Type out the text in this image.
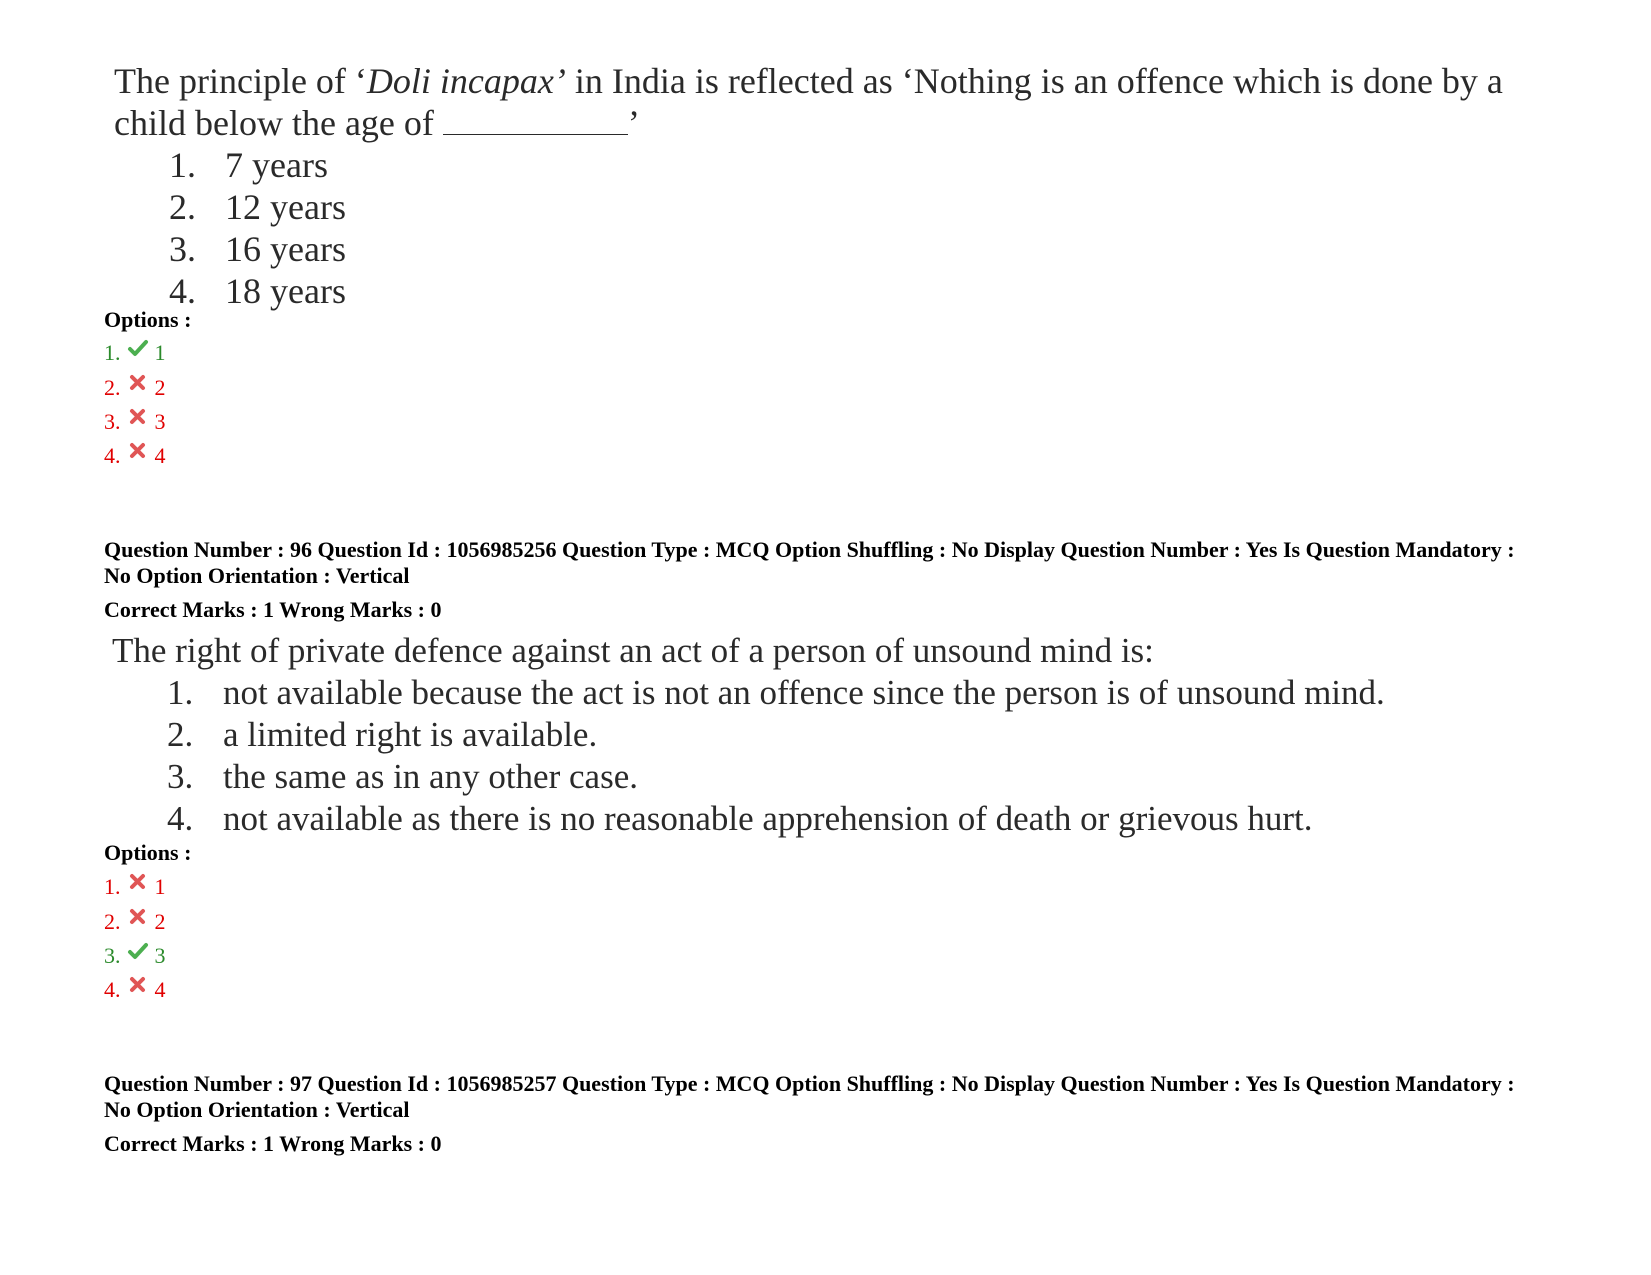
The principle of ‘Doli incapax’ in India is reflected as ‘Nothing is an offence which is done by a child below the age of	’

1. 7 years
2. 12 years
3. 16 years
4. 18 years
Options :
1. 1
2. 2
3. 3
4. 4
Question Number : 96 Question Id : 1056985256 Question Type : MCQ Option Shuffling : No Display Question Number : Yes Is Question Mandatory : No Option Orientation : Vertical
Correct Marks : 1 Wrong Marks : 0

The right of private defence against an act of a person of unsound mind is:

1. not available because the act is not an offence since the person is of unsound mind.
2. a limited right is available.
3. the same as in any other case.
4. not available as there is no reasonable apprehension of death or grievous hurt.
Options :
1. 1
2. 2
3. 3
4. 4
Question Number : 97 Question Id : 1056985257 Question Type : MCQ Option Shuffling : No Display Question Number : Yes Is Question Mandatory : No Option Orientation : Vertical
Correct Marks : 1 Wrong Marks : 0
